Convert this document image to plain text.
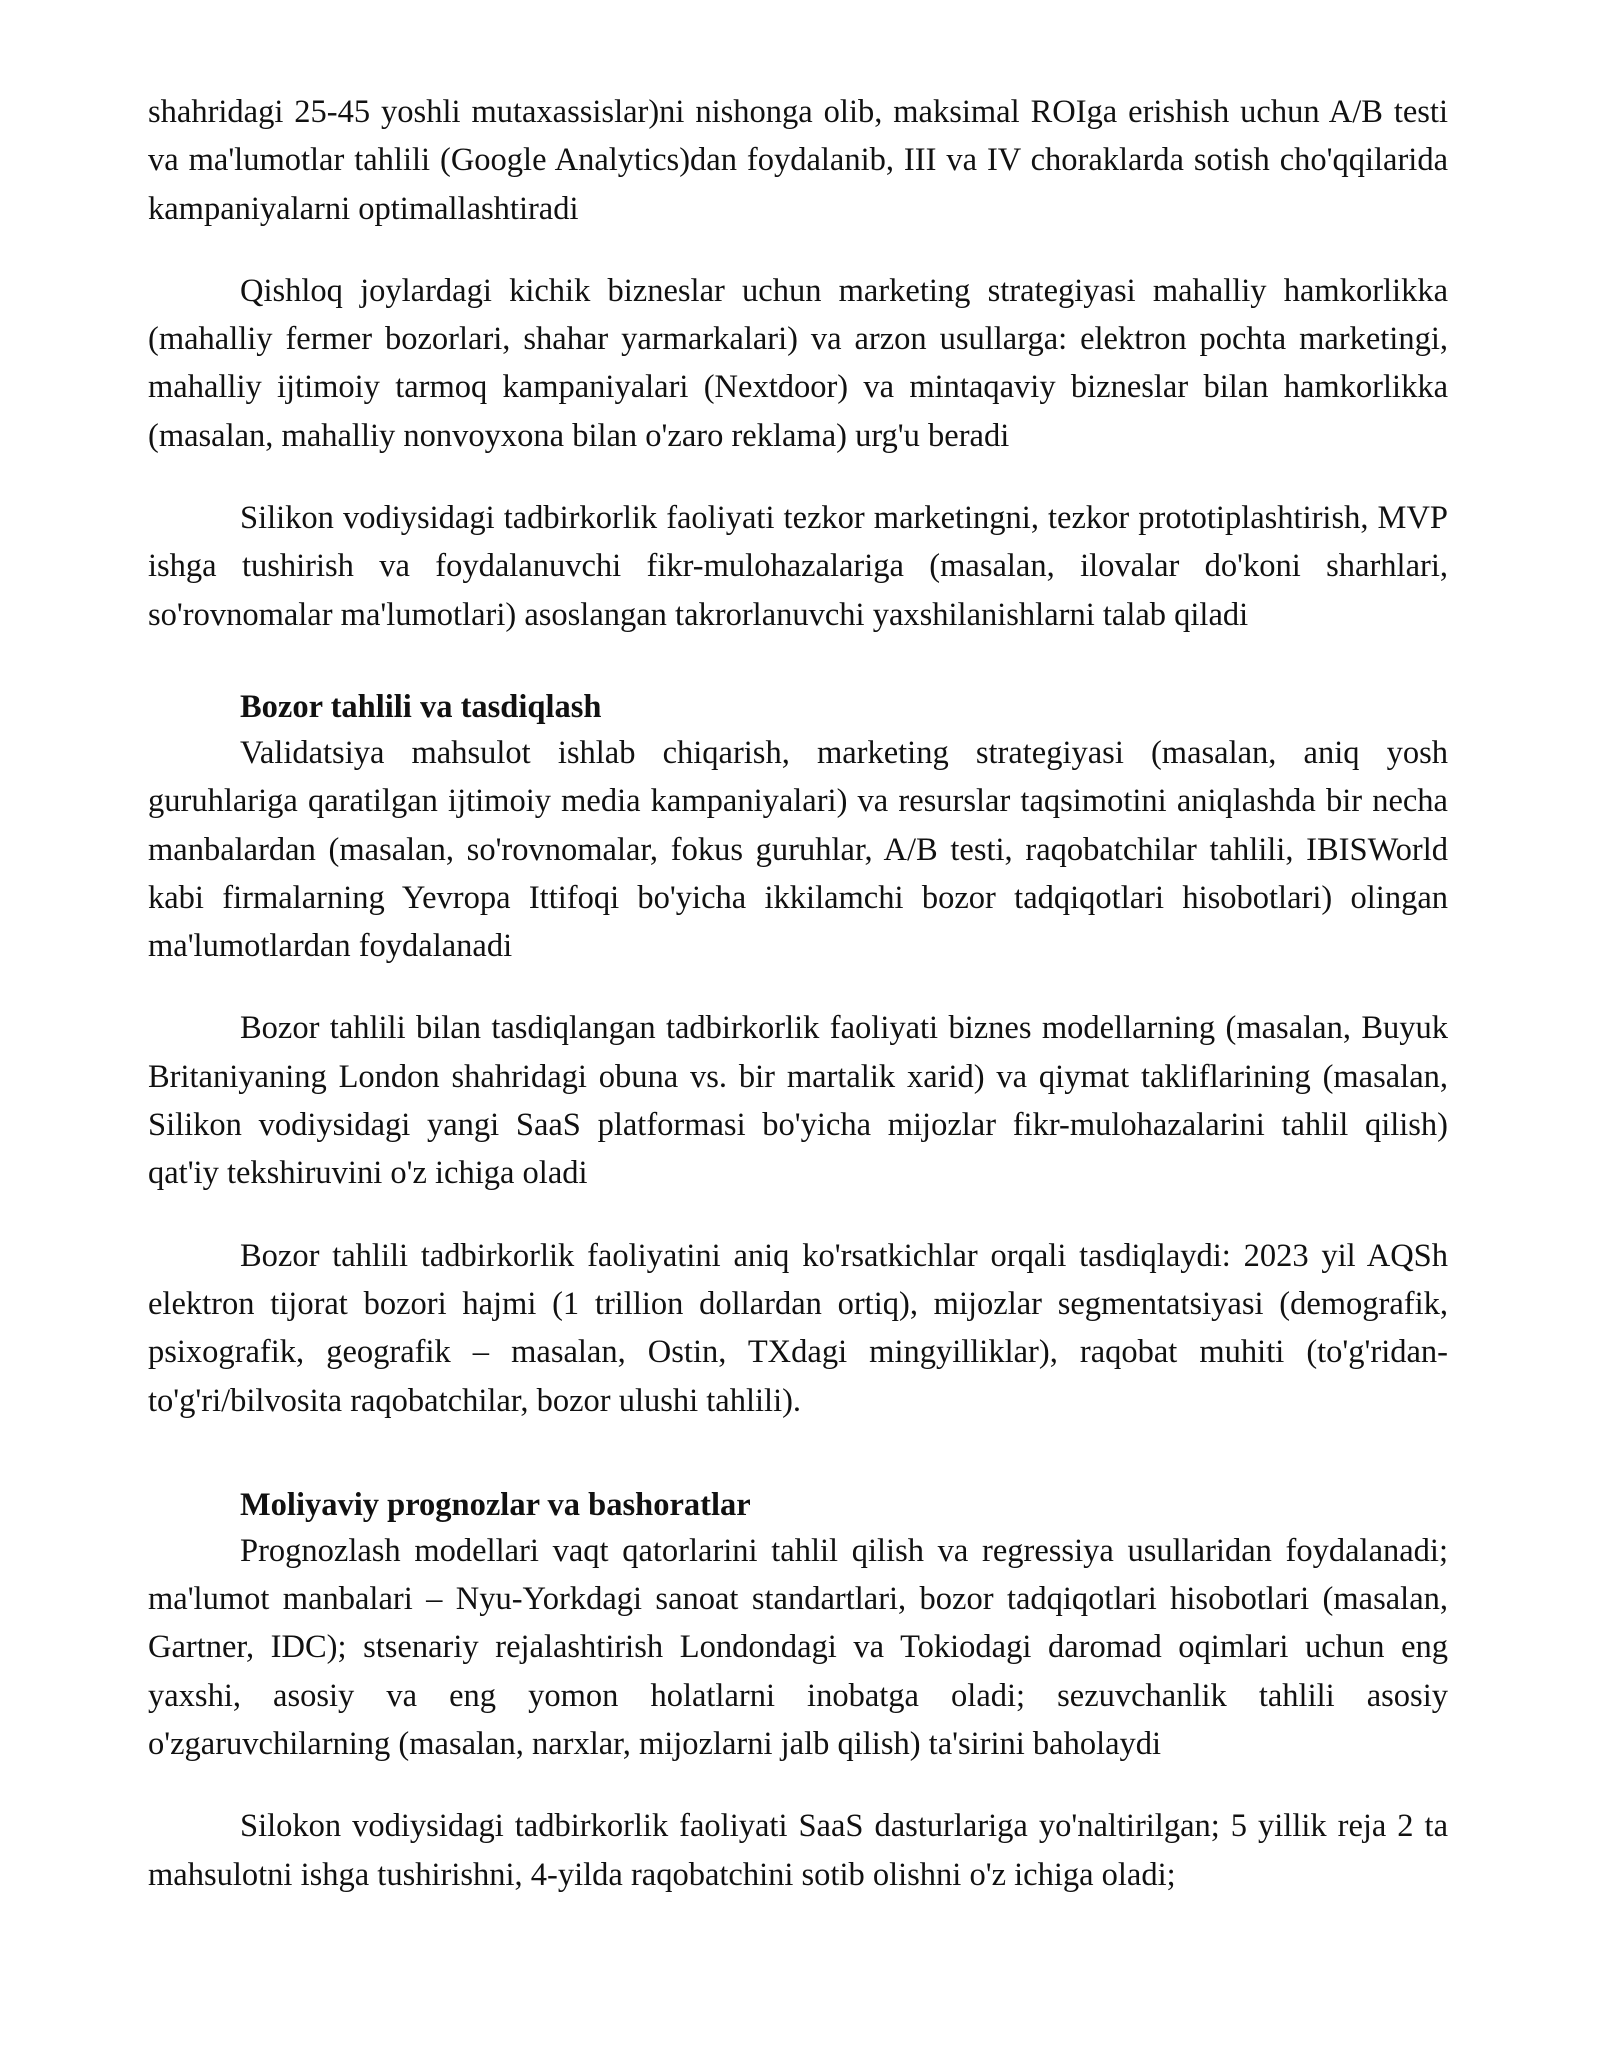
shahridagi 25-45 yoshli mutaxassislar)ni nishonga olib, maksimal ROIga erishish uchun A/B testi va ma'lumotlar tahlili (Google Analytics)dan foydalanib, III va IV choraklarda sotish cho'qqilarida kampaniyalarni optimallashtiradi

Qishloq joylardagi kichik bizneslar uchun marketing strategiyasi mahalliy hamkorlikka (mahalliy fermer bozorlari, shahar yarmarkalari) va arzon usullarga: elektron pochta marketingi, mahalliy ijtimoiy tarmoq kampaniyalari (Nextdoor) va mintaqaviy bizneslar bilan hamkorlikka (masalan, mahalliy nonvoyxona bilan o'zaro reklama) urg'u beradi

Silikon vodiysidagi tadbirkorlik faoliyati tezkor marketingni, tezkor prototiplashtirish, MVP ishga tushirish va foydalanuvchi fikr-mulohazalariga (masalan, ilovalar do'koni sharhlari, so'rovnomalar ma'lumotlari) asoslangan takrorlanuvchi yaxshilanishlarni talab qiladi

Bozor tahlili va tasdiqlash

Validatsiya mahsulot ishlab chiqarish, marketing strategiyasi (masalan, aniq yosh guruhlariga qaratilgan ijtimoiy media kampaniyalari) va resurslar taqsimotini aniqlashda bir necha manbalardan (masalan, so'rovnomalar, fokus guruhlar, A/B testi, raqobatchilar tahlili, IBISWorld kabi firmalarning Yevropa Ittifoqi bo'yicha ikkilamchi bozor tadqiqotlari hisobotlari) olingan ma'lumotlardan foydalanadi

Bozor tahlili bilan tasdiqlangan tadbirkorlik faoliyati biznes modellarning (masalan, Buyuk Britaniyaning London shahridagi obuna vs. bir martalik xarid) va qiymat takliflarining (masalan, Silikon vodiysidagi yangi SaaS platformasi bo'yicha mijozlar fikr-mulohazalarini tahlil qilish) qat'iy tekshiruvini o'z ichiga oladi

Bozor tahlili tadbirkorlik faoliyatini aniq ko'rsatkichlar orqali tasdiqlaydi: 2023 yil AQSh elektron tijorat bozori hajmi (1 trillion dollardan ortiq), mijozlar segmentatsiyasi (demografik, psixografik, geografik – masalan, Ostin, TXdagi mingyilliklar), raqobat muhiti (to'g'ridan-to'g'ri/bilvosita raqobatchilar, bozor ulushi tahlili).

Moliyaviy prognozlar va bashoratlar

Prognozlash modellari vaqt qatorlarini tahlil qilish va regressiya usullaridan foydalanadi; ma'lumot manbalari – Nyu-Yorkdagi sanoat standartlari, bozor tadqiqotlari hisobotlari (masalan, Gartner, IDC); stsenariy rejalashtirish Londondagi va Tokiodagi daromad oqimlari uchun eng yaxshi, asosiy va eng yomon holatlarni inobatga oladi; sezuvchanlik tahlili asosiy o'zgaruvchilarning (masalan, narxlar, mijozlarni jalb qilish) ta'sirini baholaydi

Silokon vodiysidagi tadbirkorlik faoliyati SaaS dasturlariga yo'naltirilgan; 5 yillik reja 2 ta mahsulotni ishga tushirishni, 4-yilda raqobatchini sotib olishni o'z ichiga oladi;
